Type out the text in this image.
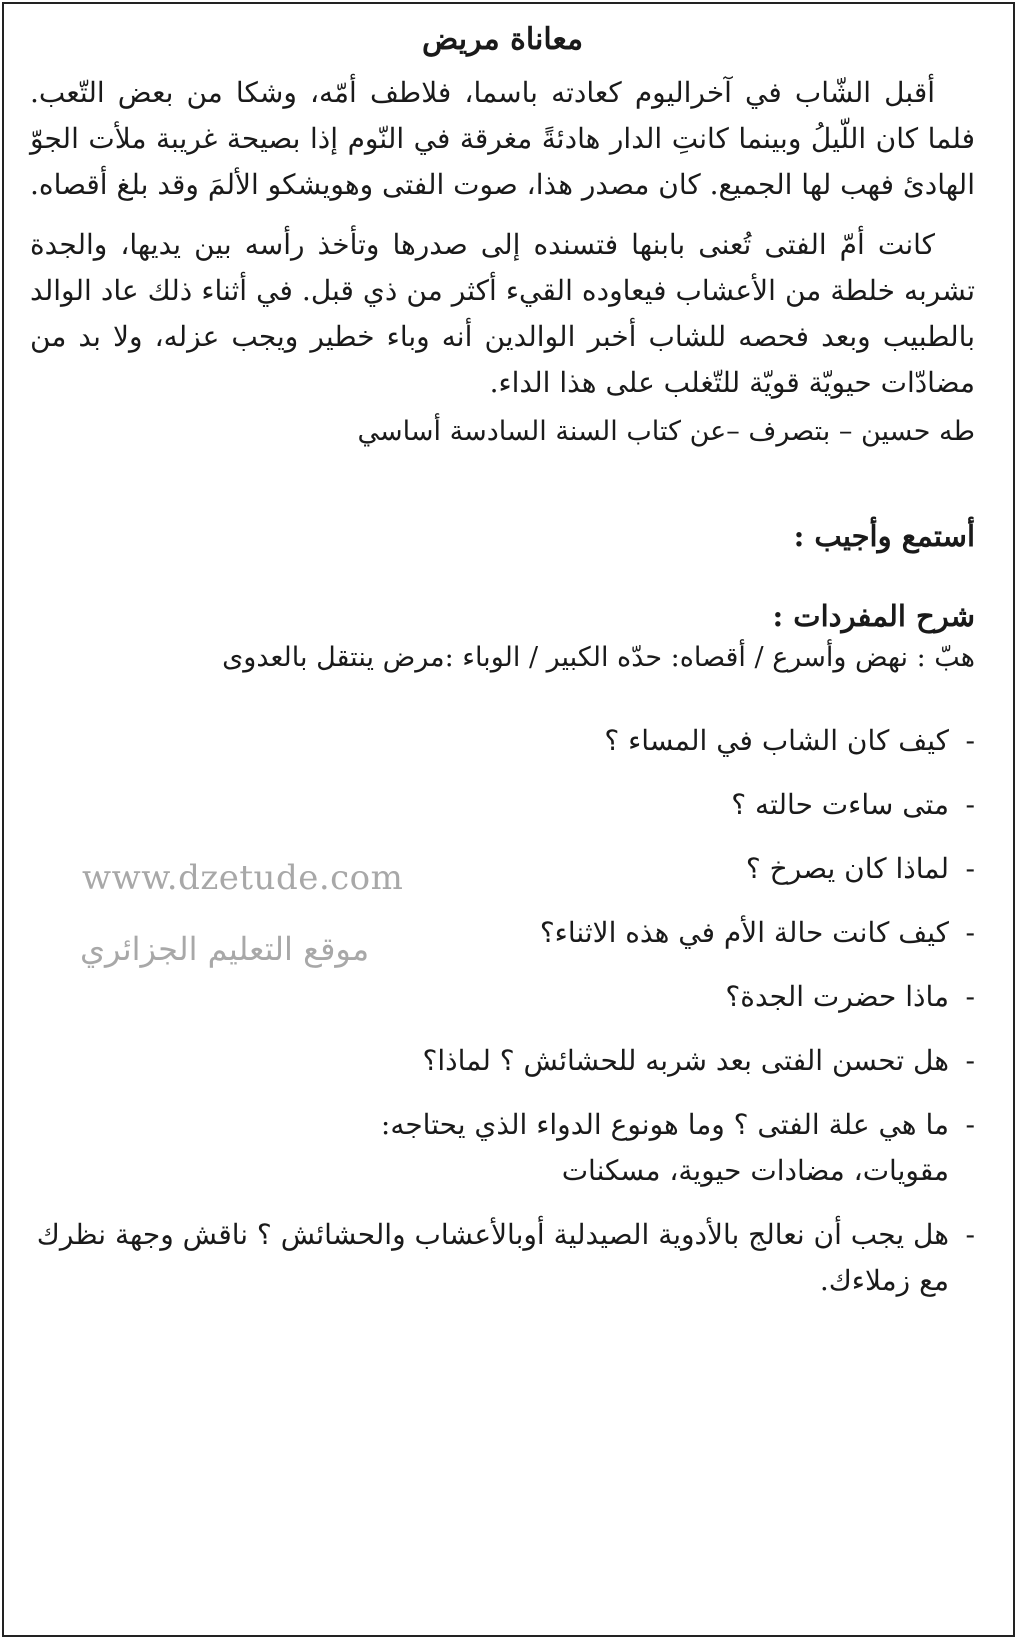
معاناة مريض

أقبل الشّاب في آخراليوم كعادته باسما، فلاطف أمّه، وشكا من بعض التّعب. فلما كان اللّيلُ وبينما كانتِ الدار هادئةً مغرقة في النّوم إذا بصيحة غريبة ملأت الجوّ الهادئ فهب لها الجميع. كان مصدر هذا، صوت الفتى وهويشكو الألمَ وقد بلغ أقصاه.

كانت أمّ الفتى تُعنى بابنها فتسنده إلى صدرها وتأخذ رأسه بين يديها، والجدة تشربه خلطة من الأعشاب فيعاوده القيء أكثر من ذي قبل. في أثناء ذلك عاد الوالد بالطبيب وبعد فحصه للشاب أخبر الوالدين أنه وباء خطير ويجب عزله، ولا بد من مضادّات حيويّة قويّة للتّغلب على هذا الداء.

طه حسين – بتصرف –عن كتاب السنة السادسة أساسي

أستمع وأجيب :
شرح المفردات :

هبّ : نهض وأسرع / أقصاه: حدّه الكبير / الوباء :مرض ينتقل بالعدوى

-
كيف كان الشاب في المساء ؟
-
متى ساءت حالته ؟
-
لماذا كان يصرخ ؟
-
كيف كانت حالة الأم في هذه الاثناء؟
-
ماذا حضرت الجدة؟
-
هل تحسن الفتى بعد شربه للحشائش ؟ لماذا؟
-
ما هي علة الفتى ؟ وما هونوع الدواء الذي يحتاجه:
مقويات، مضادات حيوية، مسكنات
-
هل يجب أن نعالج بالأدوية الصيدلية أوبالأعشاب والحشائش ؟ ناقش وجهة نظرك
مع زملاءك.
www.dzetude.com
موقع التعليم الجزائري
